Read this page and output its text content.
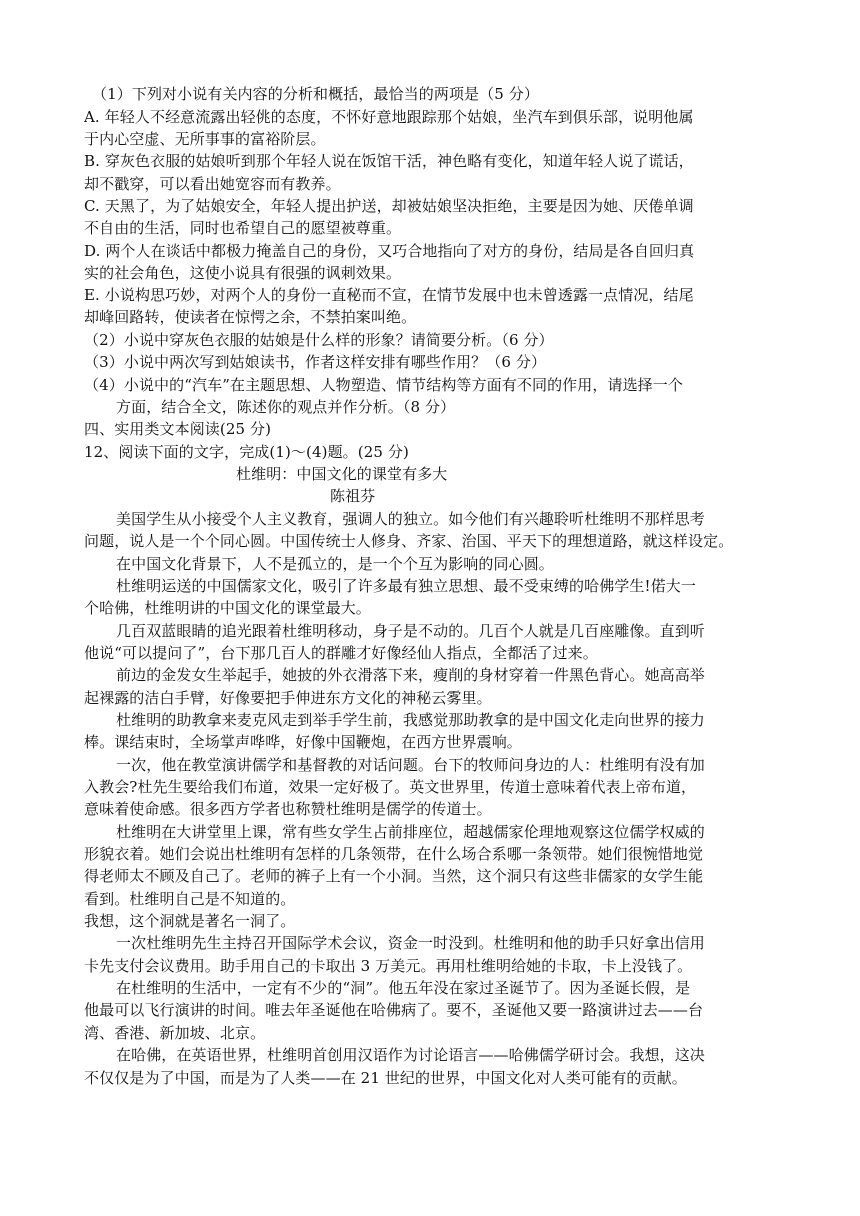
（1）下列对小说有关内容的分析和概括，最恰当的两项是（5 分）
A. 年轻人不经意流露出轻佻的态度，不怀好意地跟踪那个姑娘，坐汽车到俱乐部，说明他属
于内心空虚、无所事事的富裕阶层。
B. 穿灰色衣服的姑娘听到那个年轻人说在饭馆干活，神色略有变化，知道年轻人说了谎话，
却不戳穿，可以看出她宽容而有教养。
C. 天黑了，为了姑娘安全，年轻人提出护送，却被姑娘坚决拒绝，主要是因为她、厌倦单调
不自由的生活，同时也希望自己的愿望被尊重。
D. 两个人在谈话中都极力掩盖自己的身份，又巧合地指向了对方的身份，结局是各自回归真
实的社会角色，这使小说具有很强的讽刺效果。
E. 小说构思巧妙，对两个人的身份一直秘而不宣，在情节发展中也未曾透露一点情况，结尾
却峰回路转，使读者在惊愕之余，不禁拍案叫绝。
（2）小说中穿灰色衣服的姑娘是什么样的形象？请简要分析。（6 分）
（3）小说中两次写到姑娘读书，作者这样安排有哪些作用？（6 分）
（4）小说中的“汽车”在主题思想、人物塑造、情节结构等方面有不同的作用，请选择一个
方面，结合全文，陈述你的观点并作分析。（8 分）
四、实用类文本阅读(25 分)
12、阅读下面的文字，完成(1)～(4)题。(25 分)
杜维明：中国文化的课堂有多大
陈祖芬
美国学生从小接受个人主义教育，强调人的独立。如今他们有兴趣聆听杜维明不那样思考
问题，说人是一个个同心圆。中国传统士人修身、齐家、治国、平天下的理想道路，就这样设定。
在中国文化背景下，人不是孤立的，是一个个互为影响的同心圆。
杜维明运送的中国儒家文化，吸引了许多最有独立思想、最不受束缚的哈佛学生!偌大一
个哈佛，杜维明讲的中国文化的课堂最大。
几百双蓝眼睛的追光跟着杜维明移动，身子是不动的。几百个人就是几百座雕像。直到听
他说“可以提问了”，台下那几百人的群雕才好像经仙人指点，全都活了过来。
前边的金发女生举起手，她披的外衣滑落下来，瘦削的身材穿着一件黑色背心。她高高举
起裸露的洁白手臂，好像要把手伸进东方文化的神秘云雾里。
杜维明的助教拿来麦克风走到举手学生前，我感觉那助教拿的是中国文化走向世界的接力
棒。课结束时，全场掌声哗哗，好像中国鞭炮，在西方世界震响。
一次，他在教堂演讲儒学和基督教的对话问题。台下的牧师问身边的人：杜维明有没有加
入教会?杜先生要给我们布道，效果一定好极了。英文世界里，传道士意味着代表上帝布道，
意味着使命感。很多西方学者也称赞杜维明是儒学的传道士。
杜维明在大讲堂里上课，常有些女学生占前排座位，超越儒家伦理地观察这位儒学权威的
形貌衣着。她们会说出杜维明有怎样的几条领带，在什么场合系哪一条领带。她们很惋惜地觉
得老师太不顾及自己了。老师的裤子上有一个小洞。当然，这个洞只有这些非儒家的女学生能
看到。杜维明自己是不知道的。
我想，这个洞就是著名一洞了。
一次杜维明先生主持召开国际学术会议，资金一时没到。杜维明和他的助手只好拿出信用
卡先支付会议费用。助手用自己的卡取出 3 万美元。再用杜维明给她的卡取，卡上没钱了。
在杜维明的生活中，一定有不少的“洞”。他五年没在家过圣诞节了。因为圣诞长假，是
他最可以飞行演讲的时间。唯去年圣诞他在哈佛病了。要不，圣诞他又要一路演讲过去——台
湾、香港、新加坡、北京。
在哈佛，在英语世界，杜维明首创用汉语作为讨论语言——哈佛儒学研讨会。我想，这决
不仅仅是为了中国，而是为了人类——在 21 世纪的世界，中国文化对人类可能有的贡献。
